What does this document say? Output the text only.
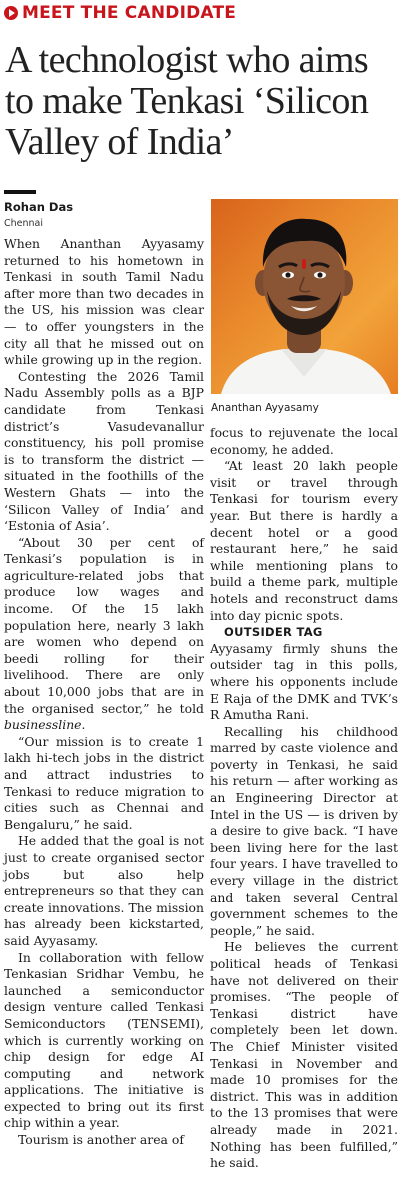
MEET THE CANDIDATE
A technologist who aims to make Tenkasi ‘Silicon Valley of India’
Rohan Das
Chennai
Ananthan Ayyasamy

When Ananthan Ayyasamy returned to his hometown in Tenkasi in south Tamil Nadu after more than two decades in the US, his mission was clear — to offer youngsters in the city all that he missed out on while growing up in the region.

Contesting the 2026 Tamil Nadu Assembly polls as a BJP candidate from Tenkasi district’s Vasudevanallur constituency, his poll promise is to transform the district — situated in the foothills of the Western Ghats — into the ‘Silicon Valley of India’ and ‘Estonia of Asia’.

“About 30 per cent of Tenkasi’s population is in agriculture-related jobs that produce low wages and income. Of the 15 lakh population here, nearly 3 lakh are women who depend on beedi rolling for their livelihood. There are only about 10,000 jobs that are in the organised sector,” he told businessline.

“Our mission is to create 1 lakh hi-tech jobs in the district and attract industries to Tenkasi to reduce migration to cities such as Chennai and Bengaluru,” he said.

He added that the goal is not just to create organised sector jobs but also help entrepreneurs so that they can create innovations. The mission has already been kickstarted, said Ayyasamy.

In collaboration with fellow Tenkasian Sridhar Vembu, he launched a semiconductor design venture called Tenkasi Semiconductors (TENSEMI), which is currently working on chip design for edge AI computing and network applications. The initiative is expected to bring out its first chip within a year.

Tourism is another area of

focus to rejuvenate the local economy, he added.

“At least 20 lakh people visit or travel through Tenkasi for tourism every year. But there is hardly a decent hotel or a good restaurant here,” he said while mentioning plans to build a theme park, multiple hotels and reconstruct dams into day picnic spots.

OUTSIDER TAG

Ayyasamy firmly shuns the outsider tag in this polls, where his opponents include E Raja of the DMK and TVK’s R Amutha Rani.

Recalling his childhood marred by caste violence and poverty in Tenkasi, he said his return — after working as an Engineering Director at Intel in the US — is driven by a desire to give back. “I have been living here for the last four years. I have travelled to every village in the district and taken several Central government schemes to the people,” he said.

He believes the current political heads of Tenkasi have not delivered on their promises. “The people of Tenkasi district have completely been let down. The Chief Minister visited Tenkasi in November and made 10 promises for the district. This was in addition to the 13 promises that were already made in 2021. Nothing has been fulfilled,” he said.
